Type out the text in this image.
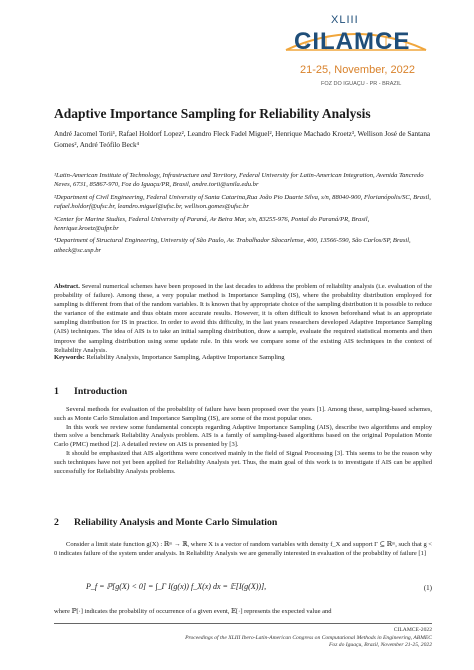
XLIII
CILAMCE
21-25, November, 2022
FOZ DO IGUAÇU - PR - BRAZIL
Adaptive Importance Sampling for Reliability Analysis
André Jacomel Torii¹, Rafael Holdorf Lopez², Leandro Fleck Fadel Miguel², Henrique Machado Kroetz³, Wellison José de Santana Gomes², André Teófilo Beck⁴

¹Latin-American Institute of Technology, Infrastructure and Territory, Federal University for Latin-American Integration, Avenida Tancredo Neves, 6731, 85867-970, Foz do Iguaçu/PR, Brasil, andre.torii@unila.edu.br

²Department of Civil Engineering, Federal University of Santa Catarina,Rua João Pio Duarte Silva, s/n, 88040-900, Florianópolis/SC, Brasil, rafael.holdorf@ufsc.br, leandro.miguel@ufsc.br, wellison.gomes@ufsc.br

³Center for Marine Studies, Federal University of Paraná, Av Beira Mar, s/n, 83255-976, Pontal do Paraná/PR, Brasil, henrique.kroetz@ufpr.br

⁴Department of Structural Engineering, University of São Paulo, Av. Trabalhador Sãocarlense, 400, 13566-590, São Carlos/SP, Brasil, atbeck@sc.usp.br

Abstract. Several numerical schemes have been proposed in the last decades to address the problem of reliability analysis (i.e. evaluation of the probability of failure). Among these, a very popular method is Importance Sampling (IS), where the probability distribution employed for sampling is different from that of the random variables. It is known that by appropriate choice of the sampling distribution it is possible to reduce the variance of the estimate and thus obtain more accurate results. However, it is often difficult to known beforehand what is an appropriate sampling distribution for IS in practice. In order to avoid this difficulty, in the last years researchers developed Adaptive Importance Sampling (AIS) techniques. The idea of AIS is to take an initial sampling distribution, draw a sample, evaluate the required statistical moments and then improve the sampling distribution using some update rule. In this work we compare some of the existing AIS techniques in the context of Reliability Analysis.
Keywords: Reliability Analysis, Importance Sampling, Adaptive Importance Sampling
1 Introduction

Several methods for evaluation of the probability of failure have been proposed over the years [1]. Among these, sampling-based schemes, such as Monte Carlo Simulation and Importance Sampling (IS), are some of the most popular ones.

In this work we review some fundamental concepts regarding Adaptive Importance Sampling (AIS), describe two algorithms and employ them solve a benchmark Reliability Analysis problem. AIS is a family of sampling-based algorithms based on the original Population Monte Carlo (PMC) method [2]. A detailed review on AIS is presented by [3].

It should be emphasized that AIS algorithms were conceived mainly in the field of Signal Processing [3]. This seems to be the reason why such techniques have not yet been applied for Reliability Analysis yet. Thus, the main goal of this work is to investigate if AIS can be applied successfully for Reliability Analysis problems.

2 Reliability Analysis and Monte Carlo Simulation

Consider a limit state function g(X) : ℝᵐ → ℝ, where X is a vector of random variables with density f_X and support Γ ⊆ ℝᵐ, such that g < 0 indicates failure of the system under analysis. In Reliability Analysis we are generally interested in evaluation of the probability of failure [1]

P_f = ℙ[g(X) < 0] = ∫_Γ I(g(x)) f_X(x) dx = 𝔼[I(g(X))],	(1)
where ℙ[·] indicates the probability of occurrence of a given event, 𝔼[·] represents the expected value and
CILAMCE-2022
Proceedings of the XLIII Ibero-Latin-American Congress on Computational Methods in Engineering, ABMEC
Foz do Iguaçu, Brazil, November 21-25, 2022
